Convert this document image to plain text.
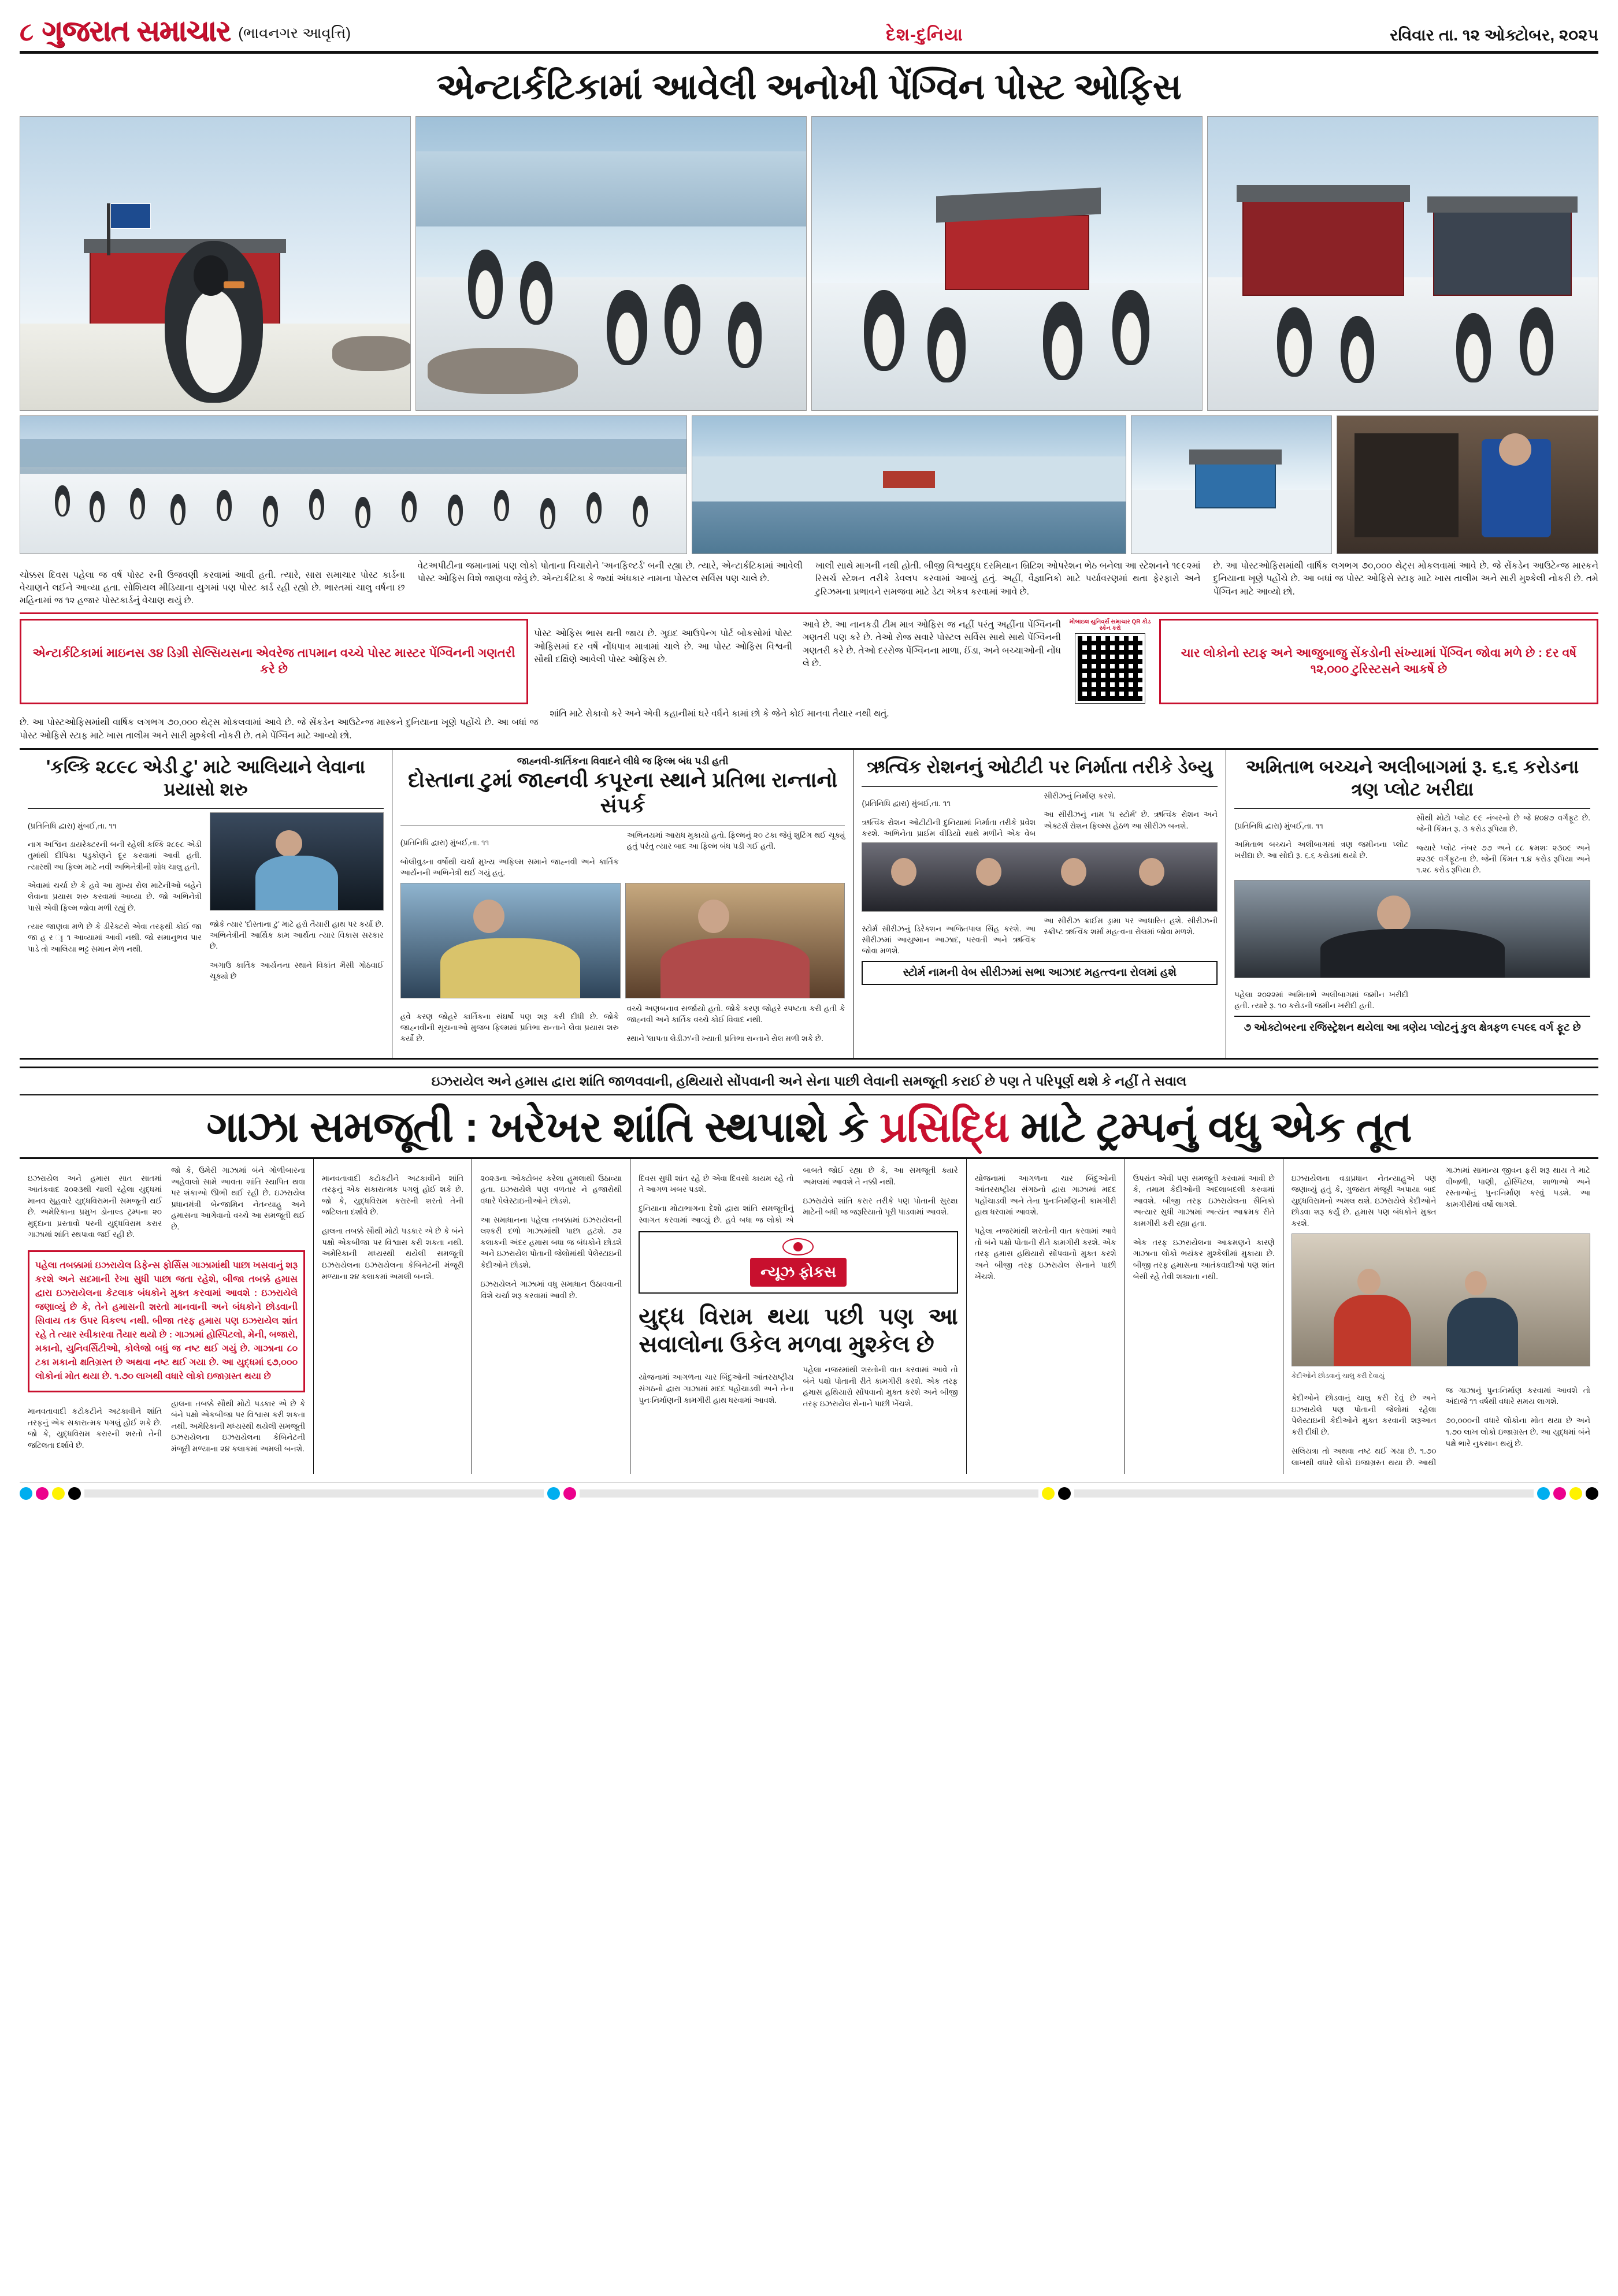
૮ ગુજરાત સમાચાર (ભાવનગર આવૃત્તિ)	દેશ-દુનિયા	રવિવાર તા. ૧૨ ઓક્ટોબર, ૨૦૨૫
એન્ટાર્કટિકામાં આવેલી અનોખી પેંગ્વિન પોસ્ટ ઓફિસ

ચોક્કસ દિવસ પહેલા જ વર્ષ પોસ્ટ રની ઉજવણી કરવામાં આવી હતી. ત્યારે, સારા સમાચાર પોસ્ટ કાર્ડના વેચાણને લઈને આવ્યા હતા. સોશિયલ મીડિયાના યુગમાં પણ પોસ્ટ કાર્ડ રહી રહ્યો છે. ભારતમાં ચાલુ વર્ષના છ મહિનામાં જ ૧૨ હજાર પોસ્ટકાર્ડનું વેચાણ થયું છે.

વેટઅપીટીના જમાનામાં પણ લોકો પોતાના વિચારોને 'અનફિલ્ટર્ડ' બની રહ્યા છે. ત્યારે, એન્ટાર્કટિકામાં આવેલી પોસ્ટ ઓફિસ વિશે જાણવા જેવું છે. એન્ટાર્કટિકા કે જ્યાં અંધકાર નામના પોસ્ટલ સર્વિસ પણ ચાલે છે.

ખાલી સાથે માગની નથી હોતી. બીજી વિશ્વયુદ્ધ દરમિયાન બ્રિટિશ ઓપરેશન ભેઠ બનેલા આ સ્ટેશનને ૧૯૯૨માં રિસર્ચ સ્ટેશન તરીકે ડેવલપ કરવામાં આવ્યું હતું. અહીં, વૈજ્ઞાનિકો માટે પર્યાવરણમાં થતા ફેરફારો અને ટુરિઝમના પ્રભાવને સમજવા માટે ડેટા એકત્ર કરવામાં આવે છે.

છે. આ પોસ્ટઓફિસમાંથી વાર્ષિક લગભગ ૭૦,૦૦૦ થેટ્સ મોકલવામાં આવે છે. જે સેંકડેન આઉટેન્જ માસ્કને દુનિયાના ખૂણે પહોંચે છે. આ બધાં જ પોસ્ટ ઓફિસે સ્ટાફ માટે ખાસ તાલીમ અને સારી મુશ્કેલી નોકરી છે. તમે પેંગ્વિન માટે આવ્યો છો.

એન્ટાર્કટિકામાં માઇનસ ૩૪ ડિગ્રી સેલ્સિયસના એવરેજ તાપમાન વચ્ચે પોસ્ટ માસ્ટર પેંગ્વિનની ગણતરી કરે છે

પોસ્ટ ઓફિસ ભાસ થતી જાય છે. ગુઇદ આઉપેન્ગ પોર્ટ બોકસોમાં પોસ્ટ ઓફિસમાં દર વર્ષે નોંધપાત્ર માત્રામાં ચાલે છે. આ પોસ્ટ ઓફિસ વિશ્વની સૌથી દક્ષિણે આવેલી પોસ્ટ ઓફિસ છે.

આવે છે. આ નાનકડી ટીમ માત્ર ઓફિસ જ નહીં પરંતુ અહીંના પેંગ્વિનની ગણતરી પણ કરે છે. તેઓ રોજ સવારે પોસ્ટલ સર્વિસ સાથે સાથે પેંગ્વિનની ગણતરી કરે છે. તેઓ દરરોજ પેંગ્વિનના માળા, ઈંડા, અને બચ્ચાઓની નોંધ લે છે.

મોબાઇલ યુનિવર્સ સમાચાર QR કોડ સ્કેન કરો
ચાર લોકોનો સ્ટાફ અને આજુબાજુ સેંકડોની સંખ્યામાં પેંગ્વિન જોવા મળે છે : દર વર્ષે ૧૨,૦૦૦ ટુરિસ્ટસને આકર્ષે છે

છે. આ પોસ્ટઓફિસમાંથી વાર્ષિક લગભગ ૭૦,૦૦૦ થેટ્સ મોકલવામાં આવે છે. જે સેંકડેન આઉટેન્જ માસ્કને દુનિયાના ખૂણે પહોંચે છે. આ બધાં જ પોસ્ટ ઓફિસે સ્ટાફ માટે ખાસ તાલીમ અને સારી મુશ્કેલી નોકરી છે. તમે પેંગ્વિન માટે આવ્યો છો.

શાંતિ માટે રોકાવો કરે અને એવી કહાનીમાં ઘરે વર્ધને કામાં છો કે જેને કોઈ માનવા તૈયાર નથી થતું.

'કલ્કિ ૨૮૯૮ એડી ટુ' માટે આલિયાને લેવાના પ્રયાસો શરુ

(પ્રતિનિધિ દ્વારા) મુંબઈ,તા. ૧૧

નાગ અશ્વિન ડાયરેક્ટરની બની રહેલી કલ્કિ ૨૮૯૮ એડી તુમાંથી દીપિકા પડુકોણને દૂર કરવામાં આવી હતી. ત્યારથી આ ફિલ્મ માટે નવી અભિનેત્રીની શોધ ચાલુ હતી.

એવામાં ચર્ચા છે કે હવે આ મુખ્ય રોલ માટેનીઓ બહેને લેવાના પ્રયાસ શરુ કરવામાં આવ્યા છે. જો અભિનેત્રી પાસે એવી ફિલ્મ જોવા મળી રહ્યું છે.

ત્યાર જાણવા મળે છે કે ડીરેક્ટરો એવા તરફથી કોઈ જા જા હ ર ાૃ ૧ આવ્યામાં આવી નથી. જો સમાનુભવ પાર પાડે તો આલિયા ભટ્ટ સમાન મેળ નથી.

જોકે ત્યાર 'દોસ્તાના ટુ' માટે હરો તૈયારી હાથ પર કર્યા છે. અભિનેત્રીની આર્થિક કામ આર્થતા ત્યાર વિકાસ સરકાર છે.

અગાઉ કાર્તિક આર્યનના સ્થાને વિકાંત મૈસી ગોઠવાઈ ચૂક્યો છે

જાહ્નવી-કાર્તિકના વિવાદને લીધે જ ફિલ્મ બંધ પડી હતી
દોસ્તાના ટુમાં જાહ્નવી કપૂરના સ્થાને પ્રતિભા રાન્તાનો સંપર્ક

(પ્રતિનિધિ દ્વારા) મુંબઈ,તા. ૧૧

બોલીવુડના વર્ષોથી ચર્ચા મુખ્ય અફિલ્મ સમાને જાહ્નવી અને કાર્તિક આર્યનની અભિનેત્રી થઈ ગયું હતું.

અભિનયમાં આરાધ મુકાયો હતો. ફિલ્મનું ૨૦ ટકા જેવું શુટિંગ થઈ ચૂક્યું હતું પરંતુ ત્યાર બાદ આ ફિલ્મ બંધ પડી ગઈ હતી.

હવે કરણ જોહરે કાર્તિકના સંઘર્ષો પણ શરૂ કરી દીધી છે. જોકે જાહ્નવીની સૂચનાઓ મુજબ ફિલ્મમાં પ્રતિભા રાન્તાને લેવા પ્રયાસ શરુ કર્યો છે.

વચ્ચે અણબનાવ સર્જાયો હતો. જોકે કરણ જોહરે સ્પષ્ટતા કરી હતી કે જાહ્નવી અને કાર્તિક વચ્ચે કોઈ વિવાદ નથી.

સ્થાને 'લાપતા લેડીઝ'ની ખ્યાતી પ્રતિભા રાન્તાને રોલ મળી શકે છે.

ઋત્વિક રોશનનું ઓટીટી પર નિર્માતા તરીકે ડેબ્યુ

(પ્રતિનિધિ દ્વારા) મુંબઈ,તા. ૧૧

ઋત્વિક રોશન ઓટીટીની દુનિયામાં નિર્માતા તરીકે પ્રવેશ કરશે. અભિનેતા પ્રાઈમ વીડિયો સાથે મળીને એક વેબ સીરીઝનું નિર્માણ કરશે.

આ સીરીઝનું નામ 'ધ સ્ટોર્મ' છે. ઋત્વિક રોશન અને એક્ટર્સ રોશન ફિલ્મ્સ હેઠળ આ સીરીઝ બનશે.

સ્ટોર્મ સીરીઝનું ડિરેક્શન અજિતપાલ સિંહ કરશે. આ સીરીઝમાં આયુષ્માન આઝાદ, પરવતી અને ઋત્વિક જોવા મળશે.

આ સીરીઝ ક્રાઈમ ડ્રામા પર આધારિત હશે. સીરીઝની સ્ક્રીપ્ટ ઋત્વિક શર્મા મહત્વના રોલમાં જોવા મળશે.

સ્ટોર્મ નામની વેબ સીરીઝમાં સભા આઝાદ મહત્ત્વના રોલમાં હશે
અમિતાભ બચ્ચને અલીબાગમાં રૂ. ૬.૬ કરોડના ત્રણ પ્લોટ ખરીદ્યા

(પ્રતિનિધિ દ્વારા) મુંબઈ,તા. ૧૧

અમિતાભ બચ્ચને અલીબાગમાં ત્રણ જમીનના પ્લોટ ખરીદ્યા છે. આ સોદો રૂ. ૬.૬ કરોડમાં થયો છે.

સૌથી મોટો પ્લોટ ૯૯ નંબરનો છે જે ૪૦૪૭ વર્ગફૂટ છે. જેની કિંમત રૂ. ૩ કરોડ રૂપિયા છે.

જ્યારે પ્લોટ નંબર ૭૭ અને ૮૮ ક્રમશઃ ૨૩૦૯ અને ૨૨૩૯ વર્ગફૂટના છે. જેની કિંમત ૧.૪ કરોડ રૂપિયા અને ૧.૨૮ કરોડ રૂપિયા છે.

પહેલા ૨૦૨૨માં અમિતાભે અલીબાગમાં જમીન ખરીદી હતી. ત્યારે રૂ. ૧૦ કરોડની જમીન ખરીદી હતી.

૭ ઓક્ટોબરના રજિસ્ટ્રેશન થયેલા આ ત્રણેય પ્લોટનું કુલ ક્ષેત્રફળ ૯૫૯૬ વર્ગ ફૂટ છે
ઇઝરાયેલ અને હમાસ દ્વારા શાંતિ જાળવવાની, હથિયારો સોંપવાની અને સેના પાછી લેવાની સમજૂતી કરાઈ છે પણ તે પરિપૂર્ણ થશે કે નહીં તે સવાલ
ગાઝા સમજૂતી : ખરેખર શાંતિ સ્થપાશે કે પ્રસિદ્ધિ માટે ટ્રમ્પનું વધુ એક તૂત

ઇઝરાયેલ અને હમાસ સાત સાતમાં આતંકવાદ ૨૦૨૩થી ચાલી રહેલા યુદ્ધમાં માનવ સુહવારે યુદ્ધવિરામની સમજૂતી થઈ છે. અમેરિકાના પ્રમુખ ડોનાલ્ડ ટ્રમ્પના ૨૦ મુદ્દાના પ્રસ્તાવો પરની યુદ્ધવિરામ કરાર ગાઝામાં શાંતિ સ્થપાવા જઈ રહી છે.

જો કે, ઉમેરી ગાઝામાં બંને ગોળીબારના અહેવાલો સામે આવતા શાંતિ સ્થાપિત થવા પર શંકાઓ ઊભી થઈ રહી છે. ઇઝરાયેલ પ્રધાનમંત્રી બેન્જામિન નેતન્યાહુ અને હમાસના આગેવાનો વચ્ચે આ સમજૂતી થઈ છે.

પહેલા તબક્કામાં ઇઝરાયેલ ડિફેન્સ ફોર્સિસ ગાઝામાંથી પાછા ખસવાનું શરૂ કરશે અને સદમાની રેખા સુધી પાછા જતા રહેશે, બીજા તબક્કે હમાસ દ્વારા ઇઝરાયેલના કેટલાક બંધકોને મુક્ત કરવામાં આવશે : ઇઝરાયેલે જણાવ્યું છે કે, તેને હમાસની શરતો માનવાની અને બંધકોને છોડવાની સિવાય તક ઉપર વિકલ્પ નથી. બીજા તરફ હમાસ પણ ઇઝરાયેલ શાંત રહે તે ત્યાર સ્વીકારવા તૈયાર થયો છે : ગાઝામાં હોસ્પિટલો, મેની, બજારો, મકાનો, યુનિવર્સિટીઓ, કોલેજો બધું જ નષ્ટ થઈ ગયું છે. ગાઝાના ૮૦ ટકા મકાનો ક્ષતિગ્રસ્ત છે અથવા નષ્ટ થઈ ગયા છે. આ યુદ્ધમાં ૬૭,૦૦૦ લોકોનાં મોત થયા છે. ૧.૭૦ લાખથી વધારે લોકો ઇજાગ્રસ્ત થયા છે

માનવતાવાદી કટોકટીને અટકાવીને શાંતિ તરફનું એક સકારાત્મક પગલું હોઈ શકે છે. જો કે, યુદ્ધવિરામ કરારની શરતો તેની જટિલતા દર્શાવે છે.

હાલના તબક્કે સૌથી મોટો પડકાર એ છે કે બંને પક્ષો એકબીજા પર વિશ્વાસ કરી શકતા નથી. અમેરિકાની મધ્યસ્થી થયેલી સમજૂતી ઇઝરાયેલના ઇઝરાયેલના કેબિનેટની મંજૂરી મળ્યાના ૨૪ કલાકમાં અમલી બનશે.

માનવતાવાદી કટોકટીને અટકાવીને શાંતિ તરફનું એક સકારાત્મક પગલું હોઈ શકે છે. જો કે, યુદ્ધવિરામ કરારની શરતો તેની જટિલતા દર્શાવે છે.

હાલના તબક્કે સૌથી મોટો પડકાર એ છે કે બંને પક્ષો એકબીજા પર વિશ્વાસ કરી શકતા નથી. અમેરિકાની મધ્યસ્થી થયેલી સમજૂતી ઇઝરાયેલના ઇઝરાયેલના કેબિનેટની મંજૂરી મળ્યાના ૨૪ કલાકમાં અમલી બનશે.

૨૦૨૩ના ઓક્ટોબર કરેલા હુમલાથી ઉઠાવ્યા હતા. ઇઝરાયેલે પણ વળતાર ને હજારોથી વધારે પેલેસ્ટાઇનીઓને છોડશે.

આ સમાધાનના પહેલા તબક્કામાં ઇઝરાયેલની લશ્કરી દળો ગાઝામાંથી પાછા હટશે. ૭૨ કલાકની અંદર હમાસ બધા જ બંધકોને છોડશે અને ઇઝરાયેલ પોતાની જેલોમાંથી પેલેસ્ટાઇની કેદીઓને છોડશે.

ઇઝરાયેલને ગાઝામાં વધુ સમાધાન ઉઠાવવાની વિશે ચર્ચા શરૂ કરવામાં આવી છે.

દિવસ સુધી શાંત રહે છે એવા દિવસો કાયમ રહે તો તે આગળ ખબર પડશે.

દુનિયાના મોટાભાગના દેશો દ્વારા શાંતિ સમજૂતીનું સ્વાગત કરવામાં આવ્યું છે. હવે બધા જ લોકો એ બાબતે જોઈ રહ્યા છે કે, આ સમજૂતી ક્યારે અમલમાં આવશે તે નક્કી નથી.

ઇઝરાયેલે શાંતિ કરાર તરીકે પણ પોતાની સુરક્ષા માટેની બધી જ જરૂરિયાતો પૂરી પાડવામાં આવશે.

ન્યૂઝ ફોકસ
યુદ્ધ વિરામ થયા પછી પણ આ સવાલોના ઉકેલ મળવા મુશ્કેલ છે

યોજનામાં આગળના ચાર બિંદુઓની આંતરરાષ્ટ્રીય સંગઠનો દ્વારા ગાઝામાં મદદ પહોંચાડવી અને તેના પુનઃનિર્માણની કામગીરી હાથ ધરવામાં આવશે.

પહેલા નજરમાંથી શરતોની વાત કરવામાં આવે તો બંને પક્ષો પોતાની રીતે કામગીરી કરશે. એક તરફ હમાસ હથિયારો સોંપવાનો મુક્ત કરશે અને બીજી તરફ ઇઝરાયેલ સેનાને પાછી ખેંચશે.

યોજનામાં આગળના ચાર બિંદુઓની આંતરરાષ્ટ્રીય સંગઠનો દ્વારા ગાઝામાં મદદ પહોંચાડવી અને તેના પુનઃનિર્માણની કામગીરી હાથ ધરવામાં આવશે.

પહેલા નજરમાંથી શરતોની વાત કરવામાં આવે તો બંને પક્ષો પોતાની રીતે કામગીરી કરશે. એક તરફ હમાસ હથિયારો સોંપવાનો મુક્ત કરશે અને બીજી તરફ ઇઝરાયેલ સેનાને પાછી ખેંચશે.

ઉપરાંત એવી પણ સમજૂતી કરવામાં આવી છે કે, તમામ કેદીઓની અદલાબદલી કરવામાં આવશે. બીજી તરફ ઇઝરાયેલના સૈનિકો અત્યાર સુધી ગાઝામાં અત્યંત આક્રમક રીતે કામગીરી કરી રહ્યા હતા.

એક તરફ ઇઝરાયેલના આક્રમણને કારણે ગાઝાના લોકો ભયંકર મુશ્કેલીમાં મુકાયા છે. બીજી તરફ હમાસના આતંકવાદીઓ પણ શાંત બેસી રહે તેવી શક્યતા નથી.

ઇઝરાયેલના વડાપ્રધાન નેતન્યાહુએ પણ જણાવ્યું હતું કે, ગુજરાત મંજૂરી અપાયા બાદ યુદ્ધવિરામનો અમલ થશે. ઇઝરાયેલે કેદીઓને છોડવા શરૂ કર્યું છે. હમાસ પણ બંધકોને મુક્ત કરશે.

ગાઝામાં સામાન્ય જીવન ફરી શરૂ થાય તે માટે વીજળી, પાણી, હોસ્પિટલ, શાળાઓ અને રસ્તાઓનું પુનઃનિર્માણ કરવું પડશે. આ કામગીરીમાં વર્ષો લાગશે.

કેદીઓને છોડવાનું ચાલુ કરી દેવાયું

કેદીઓને છોડવાનું ચાલુ કરી દેવું છે અને ઇઝરાયેલે પણ પોતાની જેલોમાં રહેલા પેલેસ્ટાઇની કેદીઓને મુક્ત કરવાની શરૂઆત કરી દીધી છે.

સલિયત્રા તો અથવા નષ્ટ થઈ ગયા છે. ૧.૭૦ લાખથી વધારે લોકો ઇજાગ્રસ્ત થયા છે. આથી જ ગાઝાનું પુનઃનિર્માણ કરવામાં આવશે તો અંદાજે ૧૧ વર્ષથી વધારે સમય લાગશે.

૭૦,૦૦૦ની વધારે લોકોના મોત થયા છે અને ૧.૭૦ લાખ લોકો ઇજાગ્રસ્ત છે. આ યુદ્ધમાં બંને પક્ષે ભારે નુકસાન થયું છે.
